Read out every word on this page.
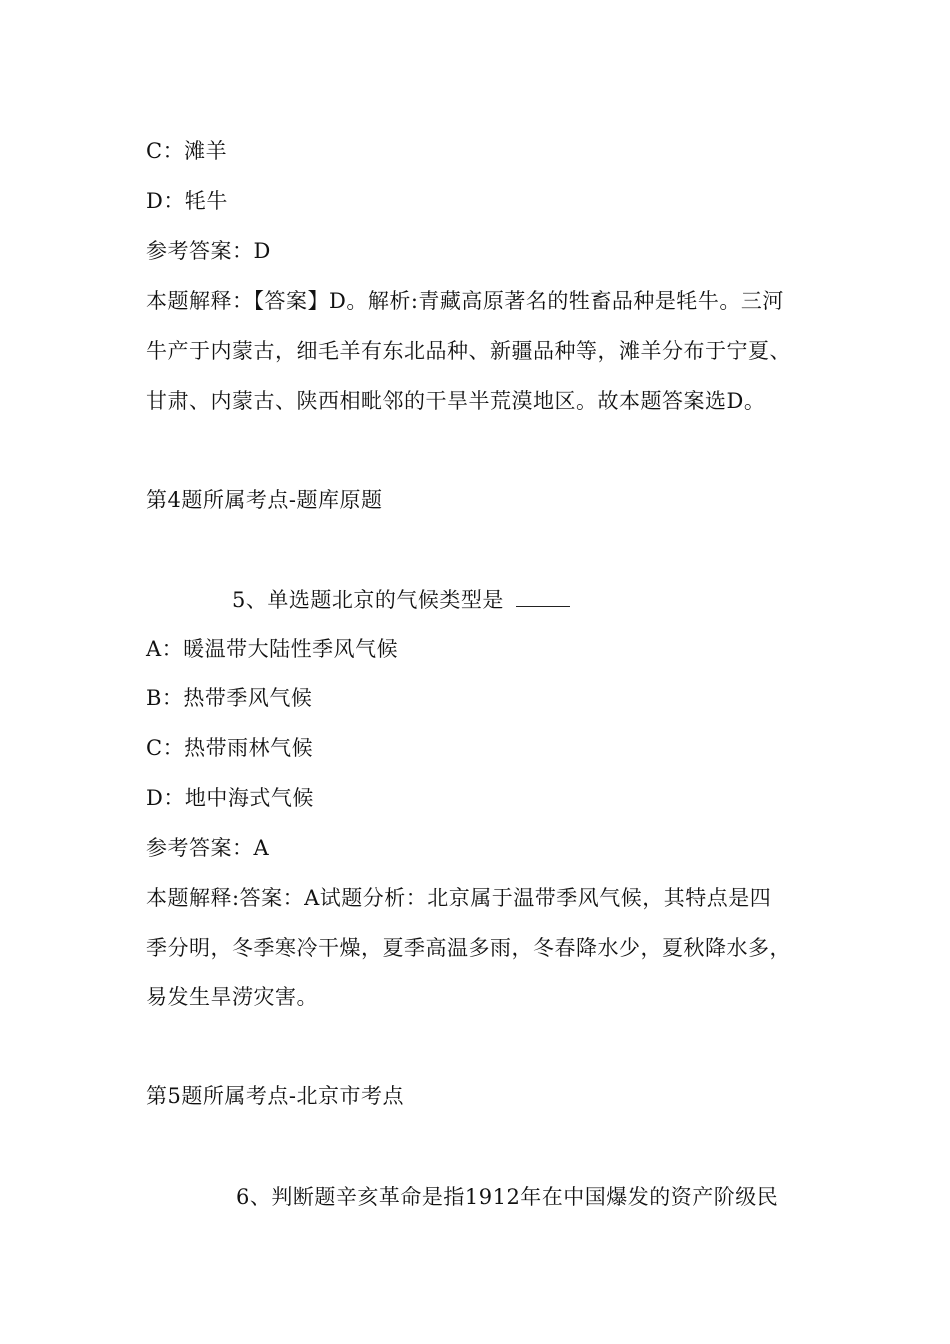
C：滩羊
D：牦牛
参考答案：D
本题解释：【答案】D。解析:青藏高原著名的牲畜品种是牦牛。三河
牛产于内蒙古，细毛羊有东北品种、新疆品种等，滩羊分布于宁夏、
甘肃、内蒙古、陕西相毗邻的干旱半荒漠地区。故本题答案选D。
第4题所属考点-题库原题
5、单选题北京的气候类型是
A：暖温带大陆性季风气候
B：热带季风气候
C：热带雨林气候
D：地中海式气候
参考答案：A
本题解释:答案：A试题分析：北京属于温带季风气候，其特点是四
季分明，冬季寒冷干燥，夏季高温多雨，冬春降水少，夏秋降水多，
易发生旱涝灾害。
第5题所属考点-北京市考点
6、判断题辛亥革命是指1912年在中国爆发的资产阶级民
